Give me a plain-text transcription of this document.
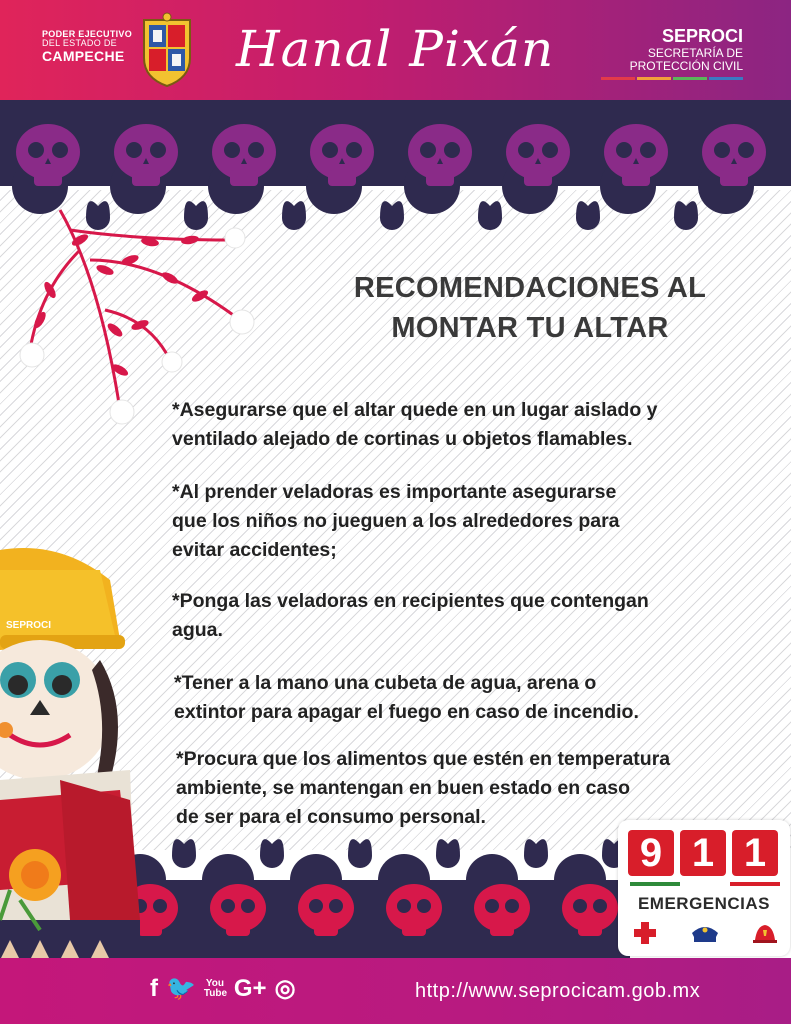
PODER EJECUTIVO
DEL ESTADO DE
CAMPECHE Hanal Pixán	SEPROCI
SECRETARÍA DE
PROTECCIÓN CIVIL
RECOMENDACIONES AL
MONTAR TU ALTAR
*Asegurarse que el altar quede en un lugar aislado y
ventilado alejado de cortinas u objetos flamables.
*Al prender veladoras es importante asegurarse
que los niños no jueguen a los alrededores para
evitar accidentes;
*Ponga las veladoras en recipientes que contengan
agua.
*Tener a la mano una cubeta de agua, arena o
extintor para apagar el fuego en caso de incendio.
*Procura que los alimentos que estén en temperatura
ambiente, se mantengan en buen estado en caso
de ser para el consumo personal.
SEPROCI
9 1 1
EMERGENCIAS
f 🐦 You Tube G+ ◎	http://www.seprocicam.gob.mx
